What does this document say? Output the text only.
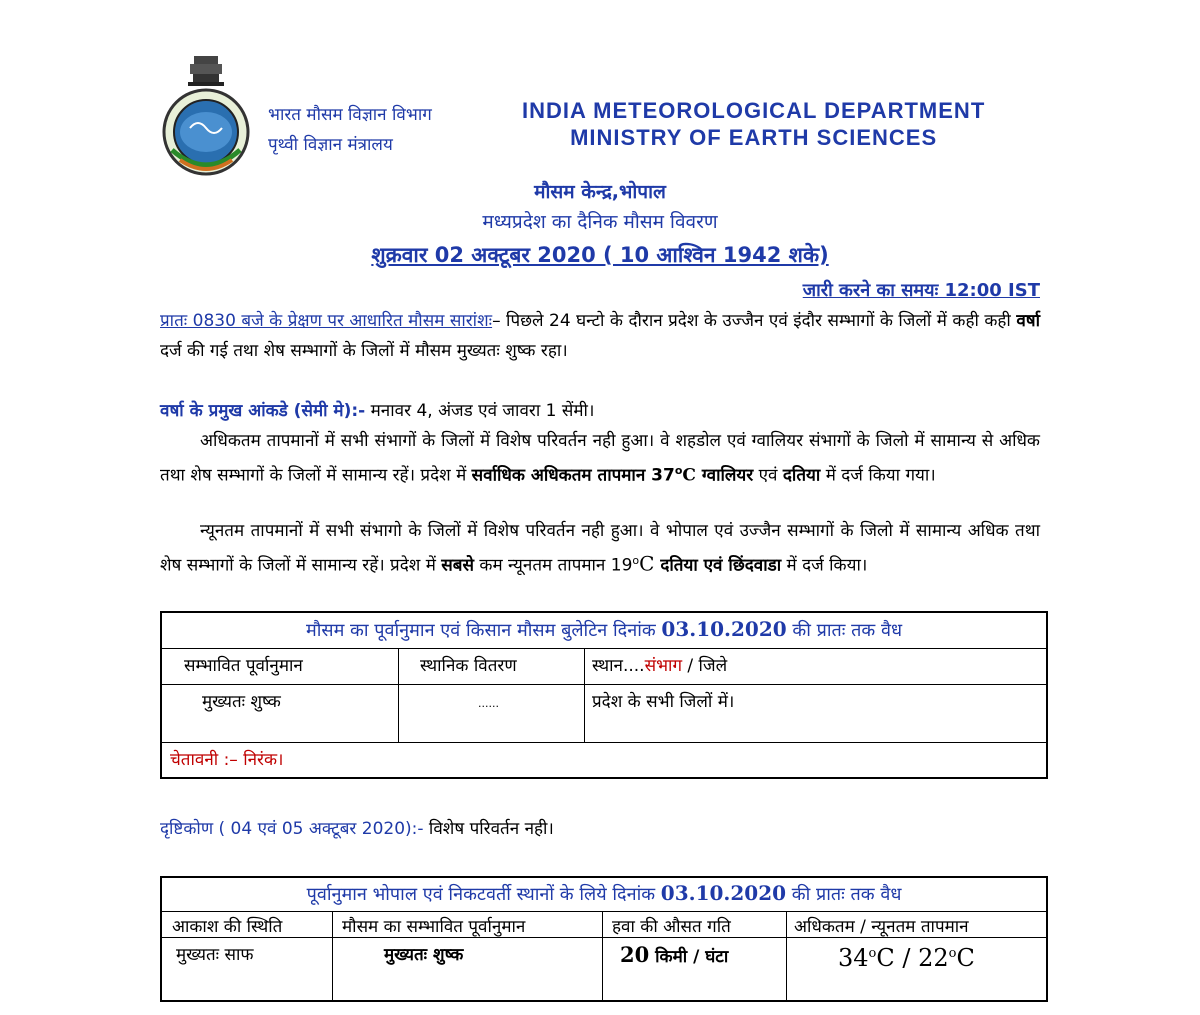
भारत मौसम विज्ञान विभाग
पृथ्वी विज्ञान मंत्रालय
INDIA METEOROLOGICAL DEPARTMENT
MINISTRY OF EARTH SCIENCES
मौसम केन्द्र,भोपाल
मध्यप्रदेश का दैनिक मौसम विवरण
शुक्रवार 02 अक्टूबर 2020 ( 10 आश्विन 1942 शके)
जारी करने का समयः 12:00 IST
प्रातः 0830 बजे के प्रेक्षण पर आधारित मौसम सारांशः– पिछले 24 घन्टो के दौरान प्रदेश के उज्जैन एवं इंदौर सम्भागों के जिलों में कही कही वर्षा दर्ज की गई तथा शेष सम्भागों के जिलों में मौसम मुख्यतः शुष्क रहा।
वर्षा के प्रमुख आंकडे (सेमी मे):- मनावर 4, अंजड एवं जावरा 1 सेंमी।
अधिकतम तापमानों में सभी संभागों के जिलों में विशेष परिवर्तन नही हुआ। वे शहडोल एवं ग्वालियर संभागों के जिलो में सामान्य से अधिक तथा शेष सम्भागों के जिलों में सामान्य रहें। प्रदेश में सर्वाधिक अधिकतम तापमान 37$^o$C ग्वालियर एवं दतिया में दर्ज किया गया।
न्यूनतम तापमानों में सभी संभागो के जिलों में विशेष परिवर्तन नही हुआ। वे भोपाल एवं उज्जैन सम्भागों के जिलो में सामान्य अधिक तथा शेष सम्भागों के जिलों में सामान्य रहें। प्रदेश में सबसे कम न्यूनतम तापमान 19$^o$C दतिया एवं छिंदवाडा में दर्ज किया।
मौसम का पूर्वानुमान एवं किसान मौसम बुलेटिन दिनांक 03.10.2020 की प्रातः तक वैध
सम्भावित पूर्वानुमान	स्थानिक वितरण	स्थान....संभाग / जिले
मुख्यतः शुष्क	......	प्रदेश के सभी जिलों में।
चेतावनी :– निरंक।
दृष्टिकोण ( 04 एवं 05 अक्टूबर 2020):- विशेष परिवर्तन नही।
पूर्वानुमान भोपाल एवं निकटवर्ती स्थानों के लिये दिनांक 03.10.2020 की प्रातः तक वैध
आकाश की स्थिति	मौसम का सम्भावित पूर्वानुमान	हवा की औसत गति	अधिकतम / न्यूनतम तापमान
मुख्यतः साफ	मुख्यतः शुष्क	20 किमी / घंटा	34$^o$C / 22$^o$C
